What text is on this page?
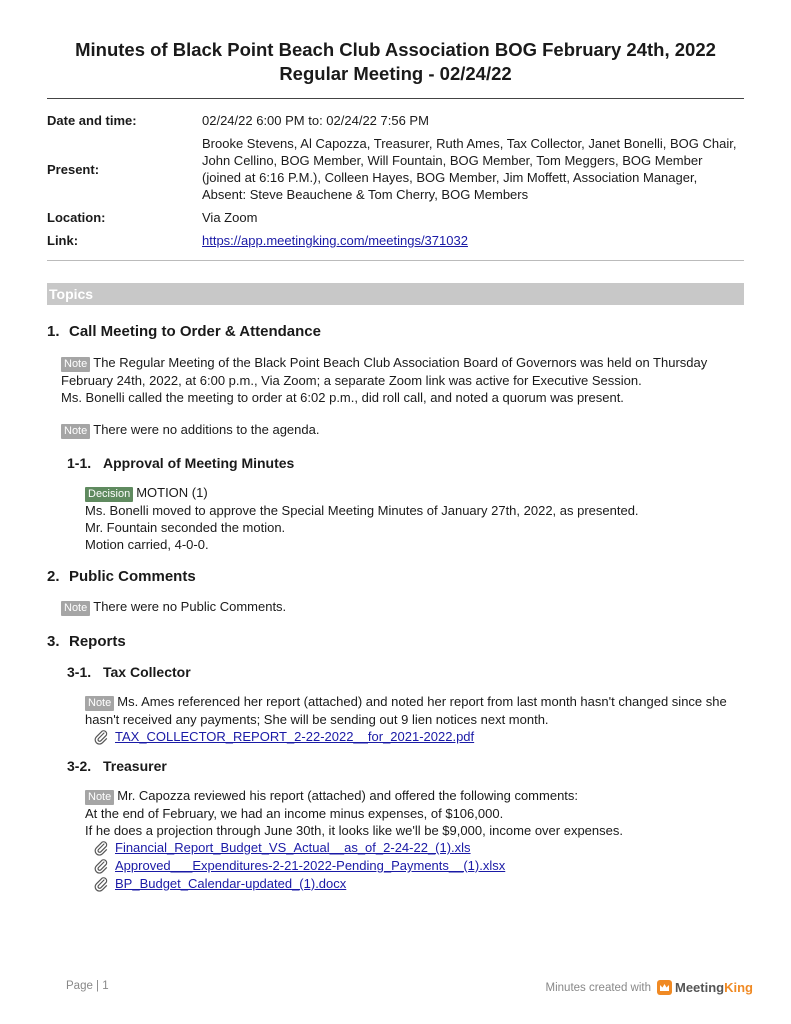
Minutes of Black Point Beach Club Association BOG February 24th, 2022 Regular Meeting - 02/24/22
Date and time:	02/24/22 6:00 PM to: 02/24/22 7:56 PM
Present:	Brooke Stevens, Al Capozza, Treasurer, Ruth Ames, Tax Collector, Janet Bonelli, BOG Chair, John Cellino, BOG Member, Will Fountain, BOG Member, Tom Meggers, BOG Member (joined at 6:16 P.M.), Colleen Hayes, BOG Member, Jim Moffett, Association Manager, Absent: Steve Beauchene & Tom Cherry, BOG Members
Location:	Via Zoom
Link:	https://app.meetingking.com/meetings/371032
Topics
1. Call Meeting to Order & Attendance

Note The Regular Meeting of the Black Point Beach Club Association Board of Governors was held on Thursday February 24th, 2022, at 6:00 p.m., Via Zoom; a separate Zoom link was active for Executive Session.

Ms. Bonelli called the meeting to order at 6:02 p.m., did roll call, and noted a quorum was present.

Note There were no additions to the agenda.

1-1. Approval of Meeting Minutes

Decision MOTION (1)

Ms. Bonelli moved to approve the Special Meeting Minutes of January 27th, 2022, as presented.

Mr. Fountain seconded the motion.

Motion carried, 4-0-0.

2. Public Comments

Note There were no Public Comments.

3. Reports
3-1. Tax Collector

Note Ms. Ames referenced her report (attached) and noted her report from last month hasn't changed since she hasn't received any payments; She will be sending out 9 lien notices next month.

TAX_COLLECTOR_REPORT_2-22-2022__for_2021-2022.pdf
3-2. Treasurer

Note Mr. Capozza reviewed his report (attached) and offered the following comments:

At the end of February, we had an income minus expenses, of $106,000.

If he does a projection through June 30th, it looks like we'll be $9,000, income over expenses.

Financial_Report_Budget_VS_Actual__as_of_2-24-22_(1).xls
Approved___Expenditures-2-21-2022-Pending_Payments__(1).xlsx
BP_Budget_Calendar-updated_(1).docx
Page | 1	Minutes created with MeetingKing
